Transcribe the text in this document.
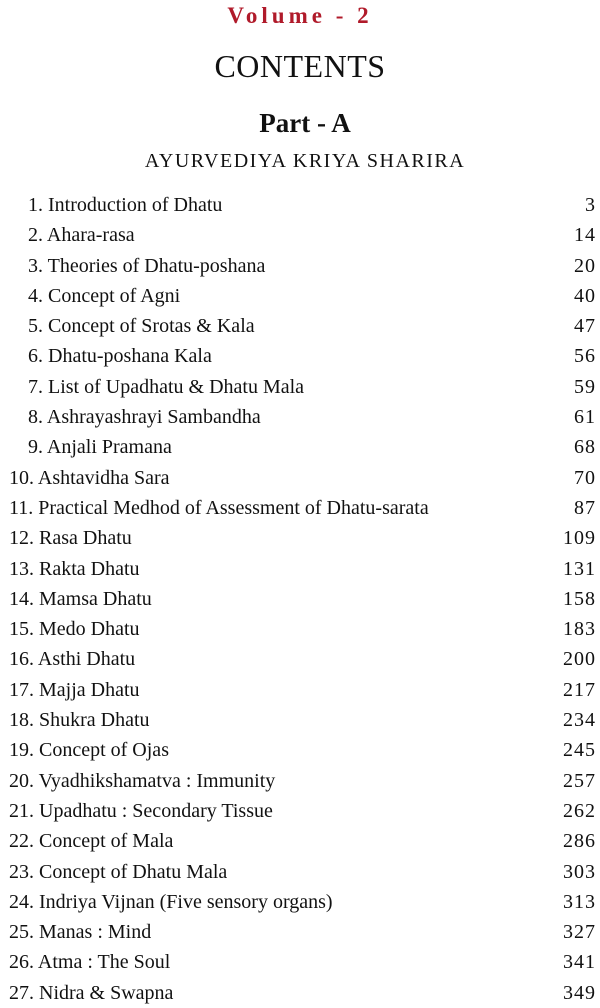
Volume - 2
CONTENTS
Part - A
AYURVEDIYA KRIYA SHARIRA
1. Introduction of Dhatu	3
2. Ahara-rasa	14
3. Theories of Dhatu-poshana	20
4. Concept of Agni	40
5. Concept of Srotas & Kala	47
6. Dhatu-poshana Kala	56
7. List of Upadhatu & Dhatu Mala	59
8. Ashrayashrayi Sambandha	61
9. Anjali Pramana	68
10. Ashtavidha Sara	70
11. Practical Medhod of Assessment of Dhatu-sarata	87
12. Rasa Dhatu	109
13. Rakta Dhatu	131
14. Mamsa Dhatu	158
15. Medo Dhatu	183
16. Asthi Dhatu	200
17. Majja Dhatu	217
18. Shukra Dhatu	234
19. Concept of Ojas	245
20. Vyadhikshamatva : Immunity	257
21. Upadhatu : Secondary Tissue	262
22. Concept of Mala	286
23. Concept of Dhatu Mala	303
24. Indriya Vijnan (Five sensory organs)	313
25. Manas : Mind	327
26. Atma : The Soul	341
27. Nidra & Swapna	349
